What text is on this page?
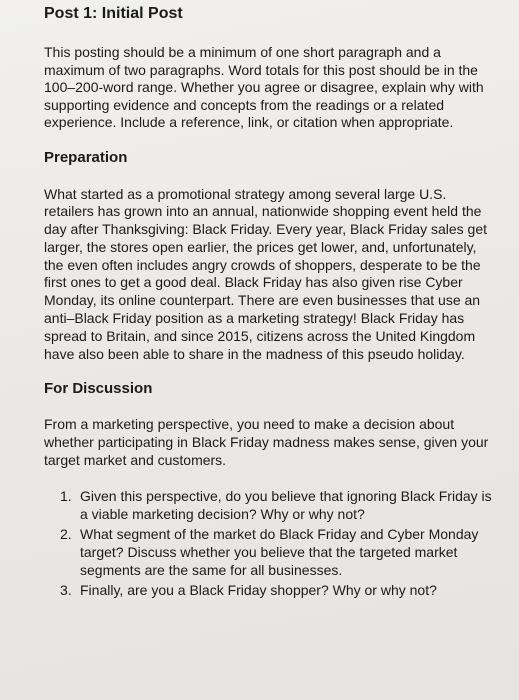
Post 1: Initial Post

This posting should be a minimum of one short paragraph and a maximum of two paragraphs. Word totals for this post should be in the 100–200-word range. Whether you agree or disagree, explain why with supporting evidence and concepts from the readings or a related experience. Include a reference, link, or citation when appropriate.

Preparation

What started as a promotional strategy among several large U.S. retailers has grown into an annual, nationwide shopping event held the day after Thanksgiving: Black Friday. Every year, Black Friday sales get larger, the stores open earlier, the prices get lower, and, unfortunately, the even often includes angry crowds of shoppers, desperate to be the first ones to get a good deal. Black Friday has also given rise Cyber Monday, its online counterpart. There are even businesses that use an anti–Black Friday position as a marketing strategy! Black Friday has spread to Britain, and since 2015, citizens across the United Kingdom have also been able to share in the madness of this pseudo holiday.

For Discussion

From a marketing perspective, you need to make a decision about whether participating in Black Friday madness makes sense, given your target market and customers.

1. Given this perspective, do you believe that ignoring Black Friday is a viable marketing decision? Why or why not?
2. What segment of the market do Black Friday and Cyber Monday target? Discuss whether you believe that the targeted market segments are the same for all businesses.
3. Finally, are you a Black Friday shopper? Why or why not?
